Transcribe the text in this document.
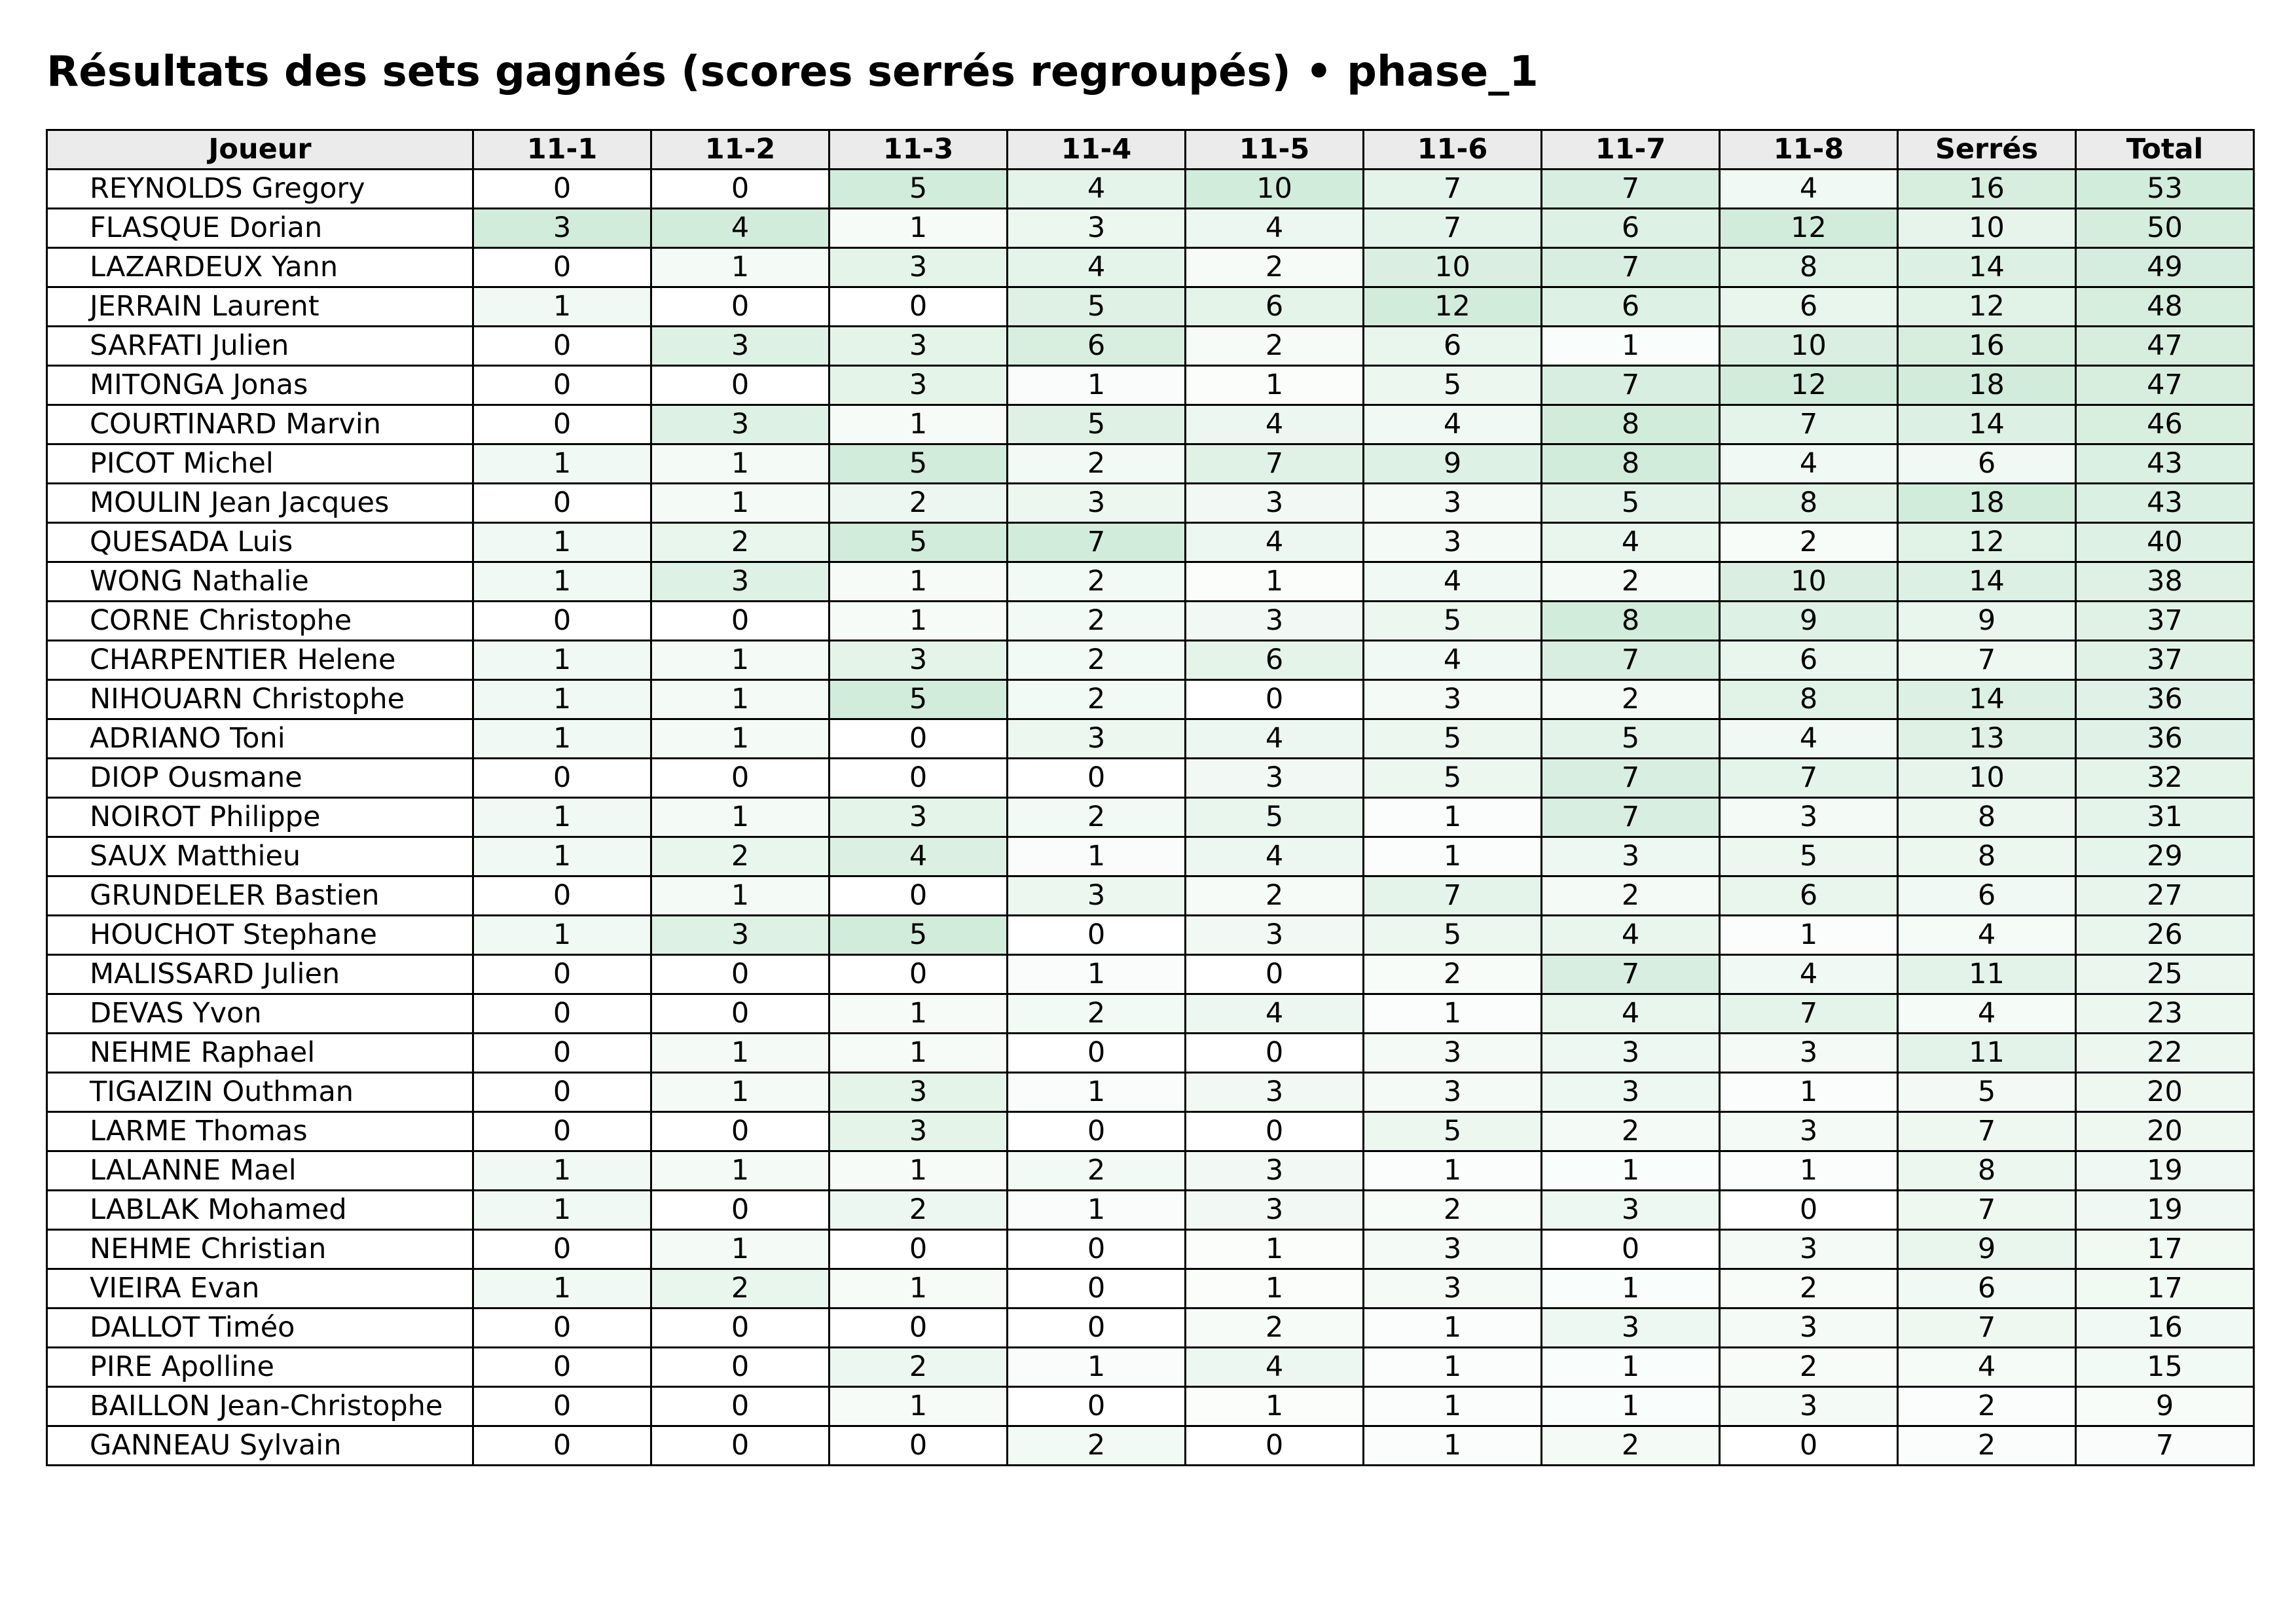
Résultats des sets gagnés (scores serrés regroupés) • phase_1
Joueur	11-1	11-2	11-3	11-4	11-5	11-6	11-7	11-8	Serrés	Total
REYNOLDS Gregory	0	0	5	4	10	7	7	4	16	53
FLASQUE Dorian	3	4	1	3	4	7	6	12	10	50
LAZARDEUX Yann	0	1	3	4	2	10	7	8	14	49
JERRAIN Laurent	1	0	0	5	6	12	6	6	12	48
SARFATI Julien	0	3	3	6	2	6	1	10	16	47
MITONGA Jonas	0	0	3	1	1	5	7	12	18	47
COURTINARD Marvin	0	3	1	5	4	4	8	7	14	46
PICOT Michel	1	1	5	2	7	9	8	4	6	43
MOULIN Jean Jacques	0	1	2	3	3	3	5	8	18	43
QUESADA Luis	1	2	5	7	4	3	4	2	12	40
WONG Nathalie	1	3	1	2	1	4	2	10	14	38
CORNE Christophe	0	0	1	2	3	5	8	9	9	37
CHARPENTIER Helene	1	1	3	2	6	4	7	6	7	37
NIHOUARN Christophe	1	1	5	2	0	3	2	8	14	36
ADRIANO Toni	1	1	0	3	4	5	5	4	13	36
DIOP Ousmane	0	0	0	0	3	5	7	7	10	32
NOIROT Philippe	1	1	3	2	5	1	7	3	8	31
SAUX Matthieu	1	2	4	1	4	1	3	5	8	29
GRUNDELER Bastien	0	1	0	3	2	7	2	6	6	27
HOUCHOT Stephane	1	3	5	0	3	5	4	1	4	26
MALISSARD Julien	0	0	0	1	0	2	7	4	11	25
DEVAS Yvon	0	0	1	2	4	1	4	7	4	23
NEHME Raphael	0	1	1	0	0	3	3	3	11	22
TIGAIZIN Outhman	0	1	3	1	3	3	3	1	5	20
LARME Thomas	0	0	3	0	0	5	2	3	7	20
LALANNE Mael	1	1	1	2	3	1	1	1	8	19
LABLAK Mohamed	1	0	2	1	3	2	3	0	7	19
NEHME Christian	0	1	0	0	1	3	0	3	9	17
VIEIRA Evan	1	2	1	0	1	3	1	2	6	17
DALLOT Timéo	0	0	0	0	2	1	3	3	7	16
PIRE Apolline	0	0	2	1	4	1	1	2	4	15
BAILLON Jean-Christophe	0	0	1	0	1	1	1	3	2	9
GANNEAU Sylvain	0	0	0	2	0	1	2	0	2	7
